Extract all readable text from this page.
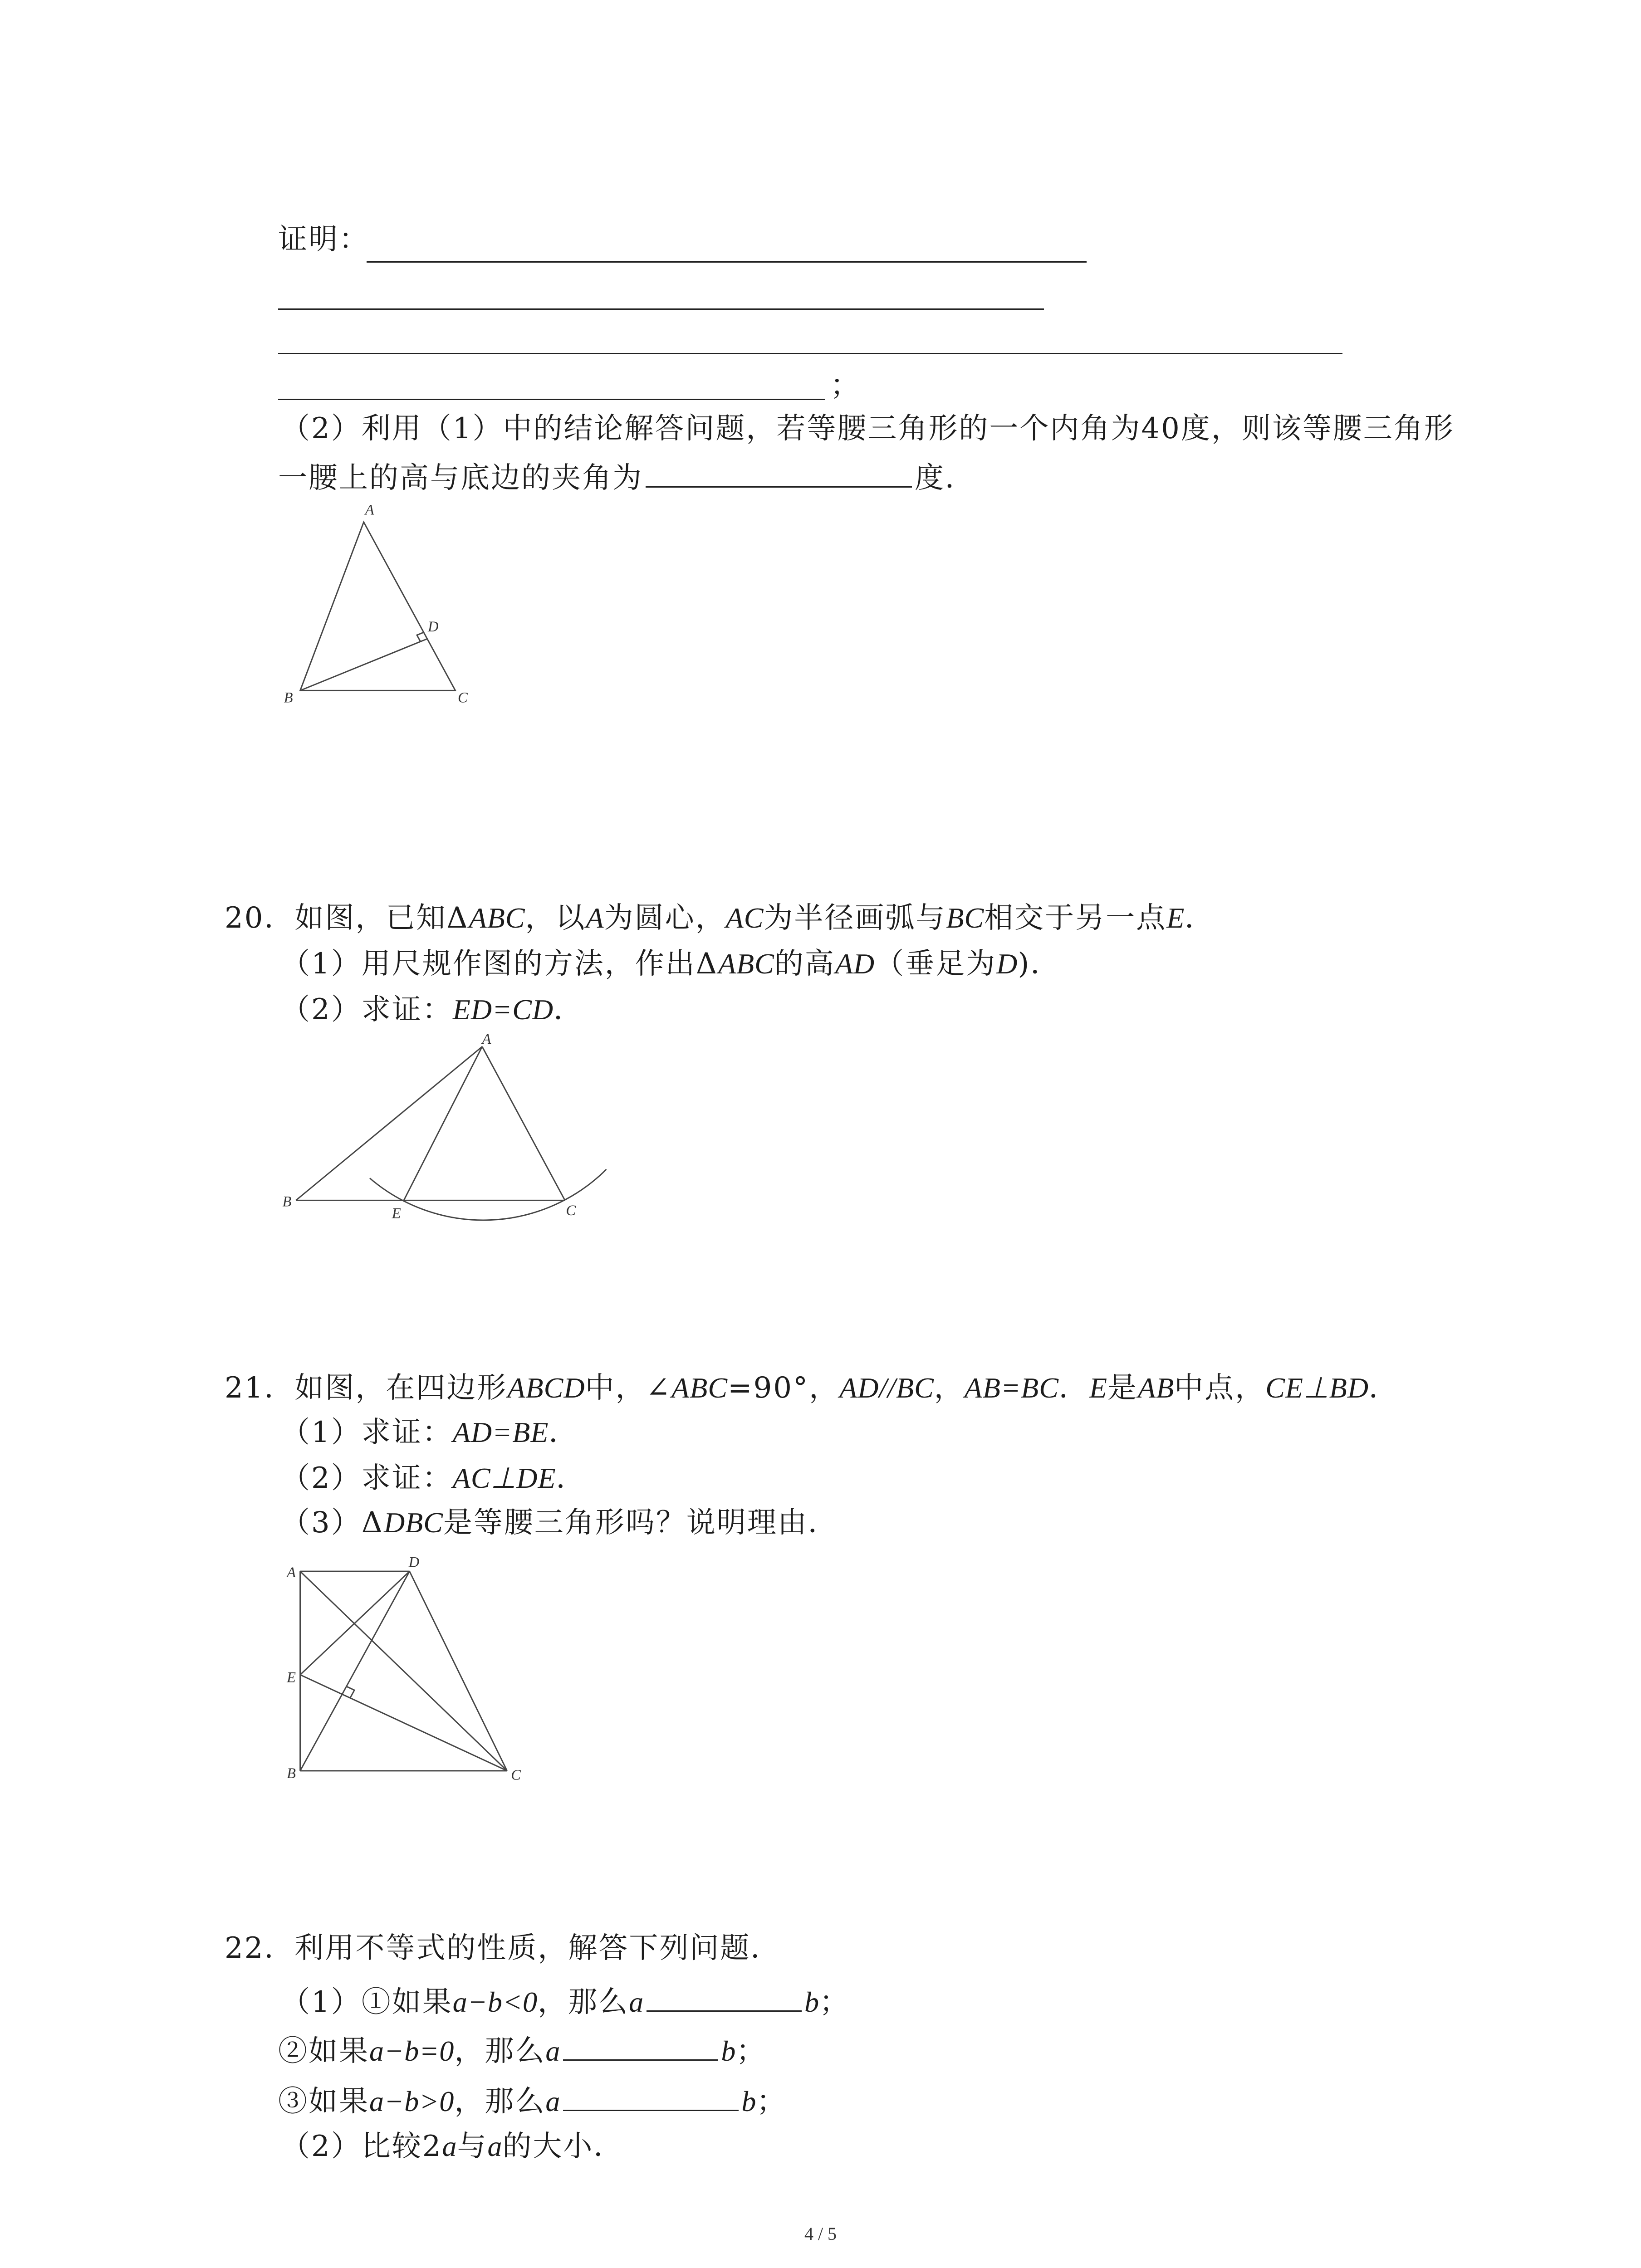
证明：
；
（2）利用（1）中的结论解答问题，若等腰三角形的一个内角为40度，则该等腰三角形
一腰上的高与底边的夹角为	度．
A
D
B	C
20．如图，已知ΔABC，以A为圆心，AC为半径画弧与BC相交于另一点E．
（1）用尺规作图的方法，作出ΔABC的高AD（垂足为D)．
（2）求证：ED=CD．
A
B
E	C
21．如图，在四边形ABCD中，∠ABC=90°，AD//BC，AB=BC．E是AB中点，CE⊥BD．
（1）求证：AD=BE．
（2）求证：AC⊥DE．
（3）ΔDBC是等腰三角形吗？说明理由．
A
D
E
B	C
22．利用不等式的性质，解答下列问题．
（1）①如果a−b<0，那么a	b；
②如果a−b=0，那么a	b；
③如果a−b>0，那么a	b；
（2）比较2a与a的大小．
4 / 5
